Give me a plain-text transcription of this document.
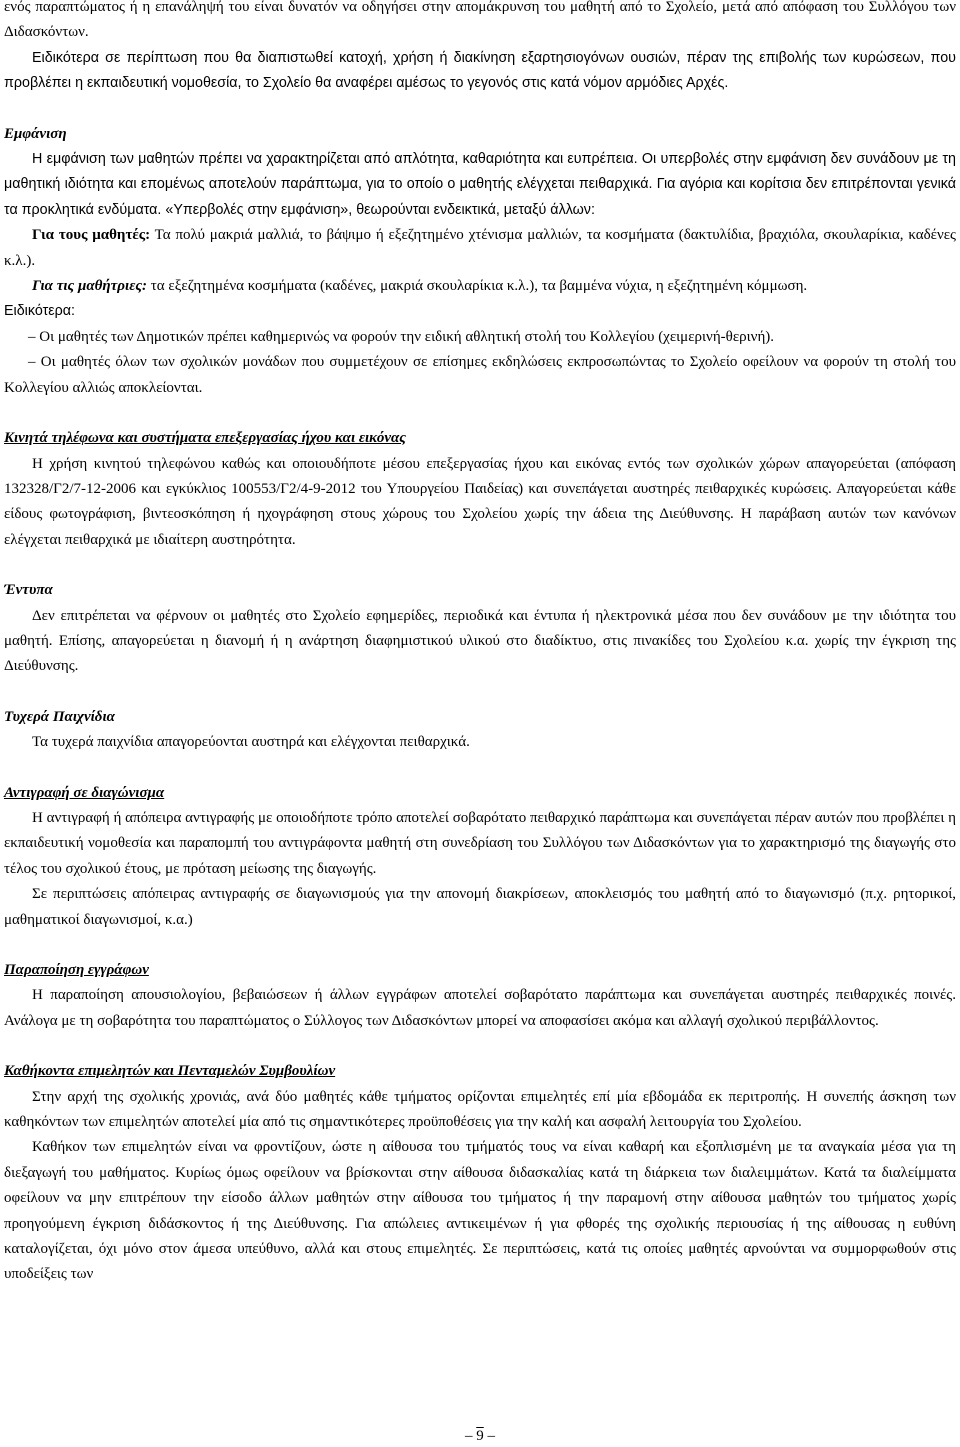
ενός παραπτώματος ή η επανάληψή του είναι δυνατόν να οδηγήσει στην απομάκρυνση του μαθητή από το Σχολείο, μετά από απόφαση του Συλλόγου των Διδασκόντων.

Ειδικότερα σε περίπτωση που θα διαπιστωθεί κατοχή, χρήση ή διακίνηση εξαρτησιογόνων ουσιών, πέραν της επιβολής των κυρώσεων, που προβλέπει η εκπαιδευτική νομοθεσία, το Σχολείο θα αναφέρει αμέσως το γεγονός στις κατά νόμον αρμόδιες Αρχές.

Εμφάνιση

Η εμφάνιση των μαθητών πρέπει να χαρακτηρίζεται από απλότητα, καθαριότητα και ευπρέπεια. Οι υπερβολές στην εμφάνιση δεν συνάδουν με τη μαθητική ιδιότητα και επομένως αποτελούν παράπτωμα, για το οποίο ο μαθητής ελέγχεται πειθαρχικά. Για αγόρια και κορίτσια δεν επιτρέπονται γενικά τα προκλητικά ενδύματα. «Υπερβολές στην εμφάνιση», θεωρούνται ενδεικτικά, μεταξύ άλλων:

Για τους μαθητές: Τα πολύ μακριά μαλλιά, το βάψιμο ή εξεζητημένο χτένισμα μαλλιών, τα κοσμήματα (δακτυλίδια, βραχιόλα, σκουλαρίκια, καδένες κ.λ.).

Για τις μαθήτριες: τα εξεζητημένα κοσμήματα (καδένες, μακριά σκουλαρίκια κ.λ.), τα βαμμένα νύχια, η εξεζητημένη κόμμωση.

Ειδικότερα:

– Οι μαθητές των Δημοτικών πρέπει καθημερινώς να φορούν την ειδική αθλητική στολή του Κολλεγίου (χειμερινή-θερινή).

– Οι μαθητές όλων των σχολικών μονάδων που συμμετέχουν σε επίσημες εκδηλώσεις εκπροσωπώντας το Σχολείο οφείλουν να φορούν τη στολή του Κολλεγίου αλλιώς αποκλείονται.

Κινητά τηλέφωνα και συστήματα επεξεργασίας ήχου και εικόνας

Η χρήση κινητού τηλεφώνου καθώς και οποιουδήποτε μέσου επεξεργασίας ήχου και εικόνας εντός των σχολικών χώρων απαγορεύεται (απόφαση 132328/Γ2/7-12-2006 και εγκύκλιος 100553/Γ2/4-9-2012 του Υπουργείου Παιδείας) και συνεπάγεται αυστηρές πειθαρχικές κυρώσεις. Απαγορεύεται κάθε είδους φωτογράφιση, βιντεοσκόπηση ή ηχογράφηση στους χώρους του Σχολείου χωρίς την άδεια της Διεύθυνσης. Η παράβαση αυτών των κανόνων ελέγχεται πειθαρχικά με ιδιαίτερη αυστηρότητα.

Έντυπα

Δεν επιτρέπεται να φέρνουν οι μαθητές στο Σχολείο εφημερίδες, περιοδικά και έντυπα ή ηλεκτρονικά μέσα που δεν συνάδουν με την ιδιότητα του μαθητή. Επίσης, απαγορεύεται η διανομή ή η ανάρτηση διαφημιστικού υλικού στο διαδίκτυο, στις πινακίδες του Σχολείου κ.α. χωρίς την έγκριση της Διεύθυνσης.

Τυχερά Παιχνίδια

Τα τυχερά παιχνίδια απαγορεύονται αυστηρά και ελέγχονται πειθαρχικά.

Αντιγραφή σε διαγώνισμα

Η αντιγραφή ή απόπειρα αντιγραφής με οποιοδήποτε τρόπο αποτελεί σοβαρότατο πειθαρχικό παράπτωμα και συνεπάγεται πέραν αυτών που προβλέπει η εκπαιδευτική νομοθεσία και παραπομπή του αντιγράφοντα μαθητή στη συνεδρίαση του Συλλόγου των Διδασκόντων για το χαρακτηρισμό της διαγωγής στο τέλος του σχολικού έτους, με πρόταση μείωσης της διαγωγής.

Σε περιπτώσεις απόπειρας αντιγραφής σε διαγωνισμούς για την απονομή διακρίσεων, αποκλεισμός του μαθητή από το διαγωνισμό (π.χ. ρητορικοί, μαθηματικοί διαγωνισμοί, κ.α.)

Παραποίηση εγγράφων

Η παραποίηση απουσιολογίου, βεβαιώσεων ή άλλων εγγράφων αποτελεί σοβαρότατο παράπτωμα και συνεπάγεται αυστηρές πειθαρχικές ποινές. Ανάλογα με τη σοβαρότητα του παραπτώματος ο Σύλλογος των Διδασκόντων μπορεί να αποφασίσει ακόμα και αλλαγή σχολικού περιβάλλοντος.

Καθήκοντα επιμελητών και Πενταμελών Συμβουλίων

Στην αρχή της σχολικής χρονιάς, ανά δύο μαθητές κάθε τμήματος ορίζονται επιμελητές επί μία εβδομάδα εκ περιτροπής. Η συνεπής άσκηση των καθηκόντων των επιμελητών αποτελεί μία από τις σημαντικότερες προϋποθέσεις για την καλή και ασφαλή λειτουργία του Σχολείου.

Καθήκον των επιμελητών είναι να φροντίζουν, ώστε η αίθουσα του τμήματός τους να είναι καθαρή και εξοπλισμένη με τα αναγκαία μέσα για τη διεξαγωγή του μαθήματος. Κυρίως όμως οφείλουν να βρίσκονται στην αίθουσα διδασκαλίας κατά τη διάρκεια των διαλειμμάτων. Κατά τα διαλείμματα οφείλουν να μην επιτρέπουν την είσοδο άλλων μαθητών στην αίθουσα του τμήματος ή την παραμονή στην αίθουσα μαθητών του τμήματος χωρίς προηγούμενη έγκριση διδάσκοντος ή της Διεύθυνσης. Για απώλειες αντικειμένων ή για φθορές της σχολικής περιουσίας ή της αίθουσας η ευθύνη καταλογίζεται, όχι μόνο στον άμεσα υπεύθυνο, αλλά και στους επιμελητές. Σε περιπτώσεις, κατά τις οποίες μαθητές αρνούνται να συμμορφωθούν στις υποδείξεις των

– 9 –
